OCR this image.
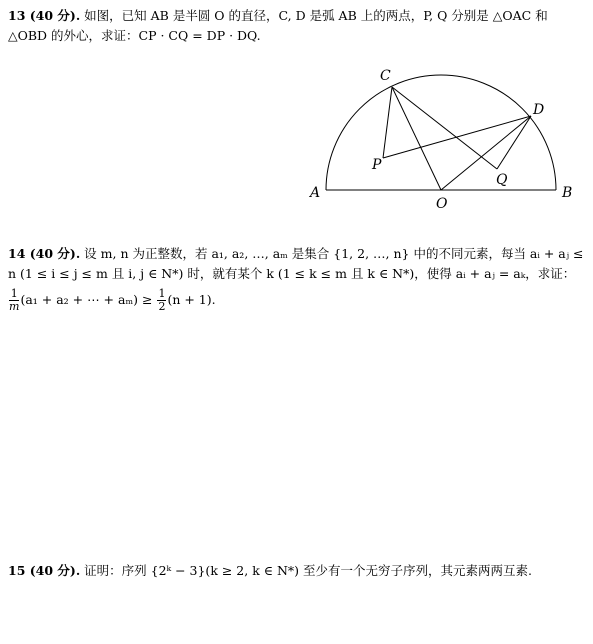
13 (40 分). 如图，已知 AB 是半圆 O 的直径，C, D 是弧 AB 上的两点，P, Q 分别是 △OAC 和
△OBD 的外心，求证：CP · CQ = DP · DQ.
A	B
O
C
D
P
Q
14 (40 分). 设 m, n 为正整数，若 a₁, a₂, …, aₘ 是集合 {1, 2, …, n} 中的不同元素，每当 aᵢ + aⱼ ≤
n (1 ≤ i ≤ j ≤ m 且 i, j ∈ N*) 时，就有某个 k (1 ≤ k ≤ m 且 k ∈ N*)，使得 aᵢ + aⱼ = aₖ，求证：
$\frac{1}{m} (a_1 + a_2$ + ⋯ + $a_m) \ge \frac{1}{2} (n + 1)$.
15 (40 分). 证明：序列 {2ᵏ − 3}(k ≥ 2, k ∈ N*) 至少有一个无穷子序列，其元素两两互素.
